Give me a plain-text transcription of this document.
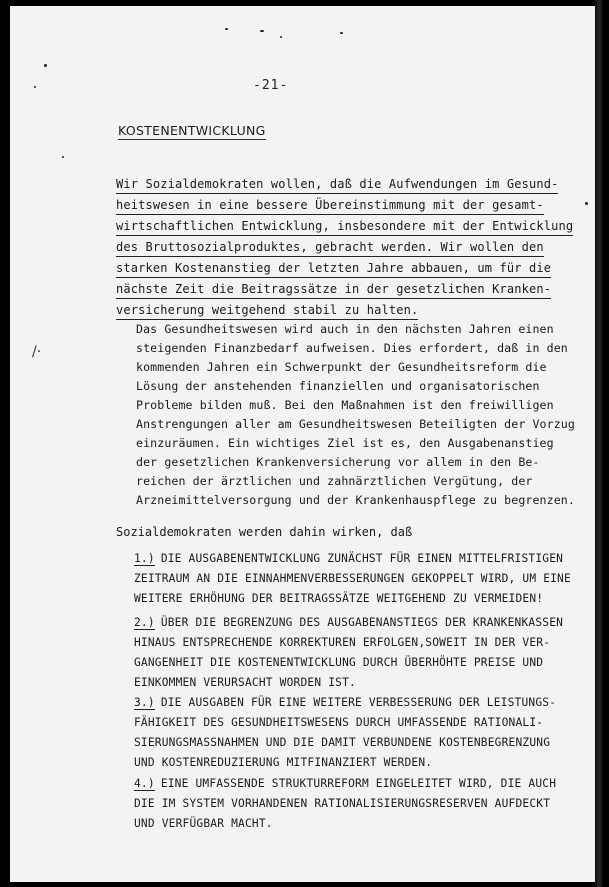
/·
-21-
KOSTENENTWICKLUNG
Wir Sozialdemokraten wollen, daß die Aufwendungen im Gesund-
heitswesen in eine bessere Übereinstimmung mit der gesamt-
wirtschaftlichen Entwicklung, insbesondere mit der Entwicklung
des Bruttosozialproduktes, gebracht werden. Wir wollen den
starken Kostenanstieg der letzten Jahre abbauen, um für die
nächste Zeit die Beitragssätze in der gesetzlichen Kranken-
versicherung weitgehend stabil zu halten.
Das Gesundheitswesen wird auch in den nächsten Jahren einen
steigenden Finanzbedarf aufweisen. Dies erfordert, daß in den
kommenden Jahren ein Schwerpunkt der Gesundheitsreform die
Lösung der anstehenden finanziellen und organisatorischen
Probleme bilden muß. Bei den Maßnahmen ist den freiwilligen
Anstrengungen aller am Gesundheitswesen Beteiligten der Vorzug
einzuräumen. Ein wichtiges Ziel ist es, den Ausgabenanstieg
der gesetzlichen Krankenversicherung vor allem in den Be-
reichen der ärztlichen und zahnärztlichen Vergütung, der
Arzneimittelversorgung und der Krankenhauspflege zu begrenzen.
Sozialdemokraten werden dahin wirken, daß
1.) DIE AUSGABENENTWICKLUNG ZUNÄCHST FÜR EINEN MITTELFRISTIGEN
ZEITRAUM AN DIE EINNAHMENVERBESSERUNGEN GEKOPPELT WIRD, UM EINE
WEITERE ERHÖHUNG DER BEITRAGSSÄTZE WEITGEHEND ZU VERMEIDEN!
2.) ÜBER DIE BEGRENZUNG DES AUSGABENANSTIEGS DER KRANKENKASSEN
HINAUS ENTSPRECHENDE KORREKTUREN ERFOLGEN,SOWEIT IN DER VER-
GANGENHEIT DIE KOSTENENTWICKLUNG DURCH ÜBERHÖHTE PREISE UND
EINKOMMEN VERURSACHT WORDEN IST.
3.) DIE AUSGABEN FÜR EINE WEITERE VERBESSERUNG DER LEISTUNGS-
FÄHIGKEIT DES GESUNDHEITSWESENS DURCH UMFASSENDE RATIONALI-
SIERUNGSMASSNAHMEN UND DIE DAMIT VERBUNDENE KOSTENBEGRENZUNG
UND KOSTENREDUZIERUNG MITFINANZIERT WERDEN.
4.) EINE UMFASSENDE STRUKTURREFORM EINGELEITET WIRD, DIE AUCH
DIE IM SYSTEM VORHANDENEN RATIONALISIERUNGSRESERVEN AUFDECKT
UND VERFÜGBAR MACHT.
